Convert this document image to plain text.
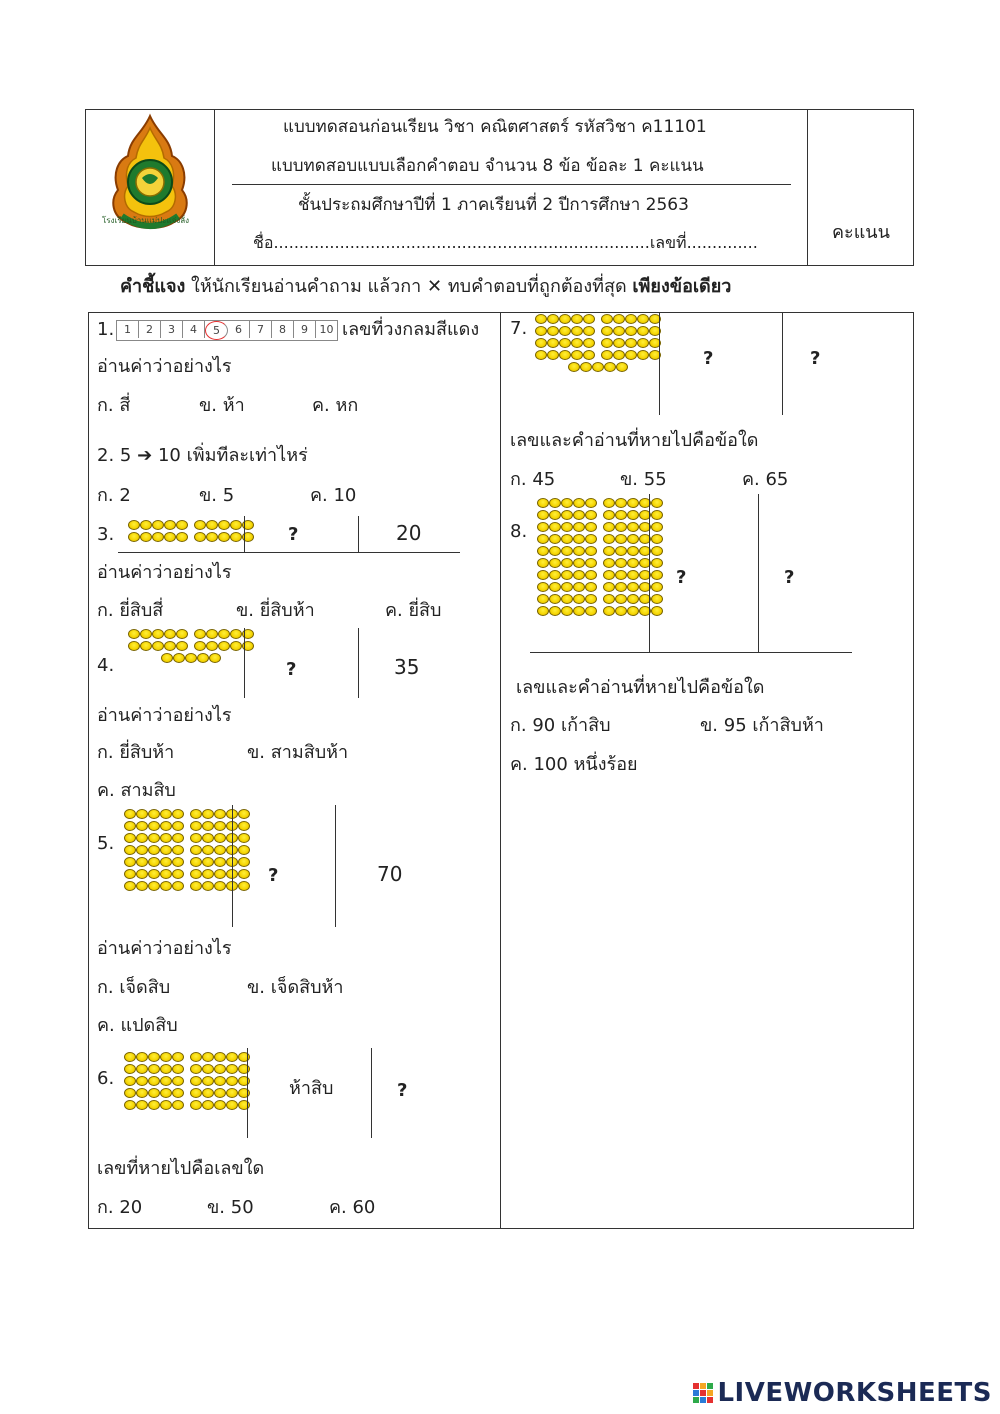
โรงเรียนบ้านแม่ปะแจ่งลั่ง
แบบทดสอนก่อนเรียน วิชา คณิตศาสตร์ รหัสวิชา ค11101
แบบทดสอบแบบเลือกคำตอบ จำนวน 8 ข้อ ข้อละ 1 คะแนน
ชั้นประถมศึกษาปีที่ 1 ภาคเรียนที่ 2 ปีการศึกษา 2563
ชื่อ..........................................................................เลขที่..............	คะแนน
คำชี้แจง ให้นักเรียนอ่านคำถาม แล้วกา ✕ ทบคำตอบที่ถูกต้องที่สุด เพียงข้อเดียว
1. 1	2	3	4	5	6	7	8	9	10 เลขที่วงกลมสีแดง
อ่านค่าว่าอย่างไร
ก. สี่	ข. ห้า	ค. หก
2. 5 ➔ 10 เพิ่มทีละเท่าไหร่
ก. 2	ข. 5	ค. 10
3.	?	20
อ่านค่าว่าอย่างไร
ก. ยี่สิบสี่	ข. ยี่สิบห้า	ค. ยี่สิบ
4.	?	35
อ่านค่าว่าอย่างไร
ก. ยี่สิบห้า	ข. สามสิบห้า
ค. สามสิบ
5.
?	70
อ่านค่าว่าอย่างไร
ก. เจ็ดสิบ	ข. เจ็ดสิบห้า
ค. แปดสิบ
6.	ห้าสิบ	?
เลขที่หายไปคือเลขใด
ก. 20	ข. 50	ค. 60
7.
?	?
เลขและคำอ่านที่หายไปคือข้อใด
ก. 45	ข. 55	ค. 65
8.
?	?
เลขและคำอ่านที่หายไปคือข้อใด
ก. 90 เก้าสิบ	ข. 95 เก้าสิบห้า
ค. 100 หนึ่งร้อย
LIVEWORKSHEETS
